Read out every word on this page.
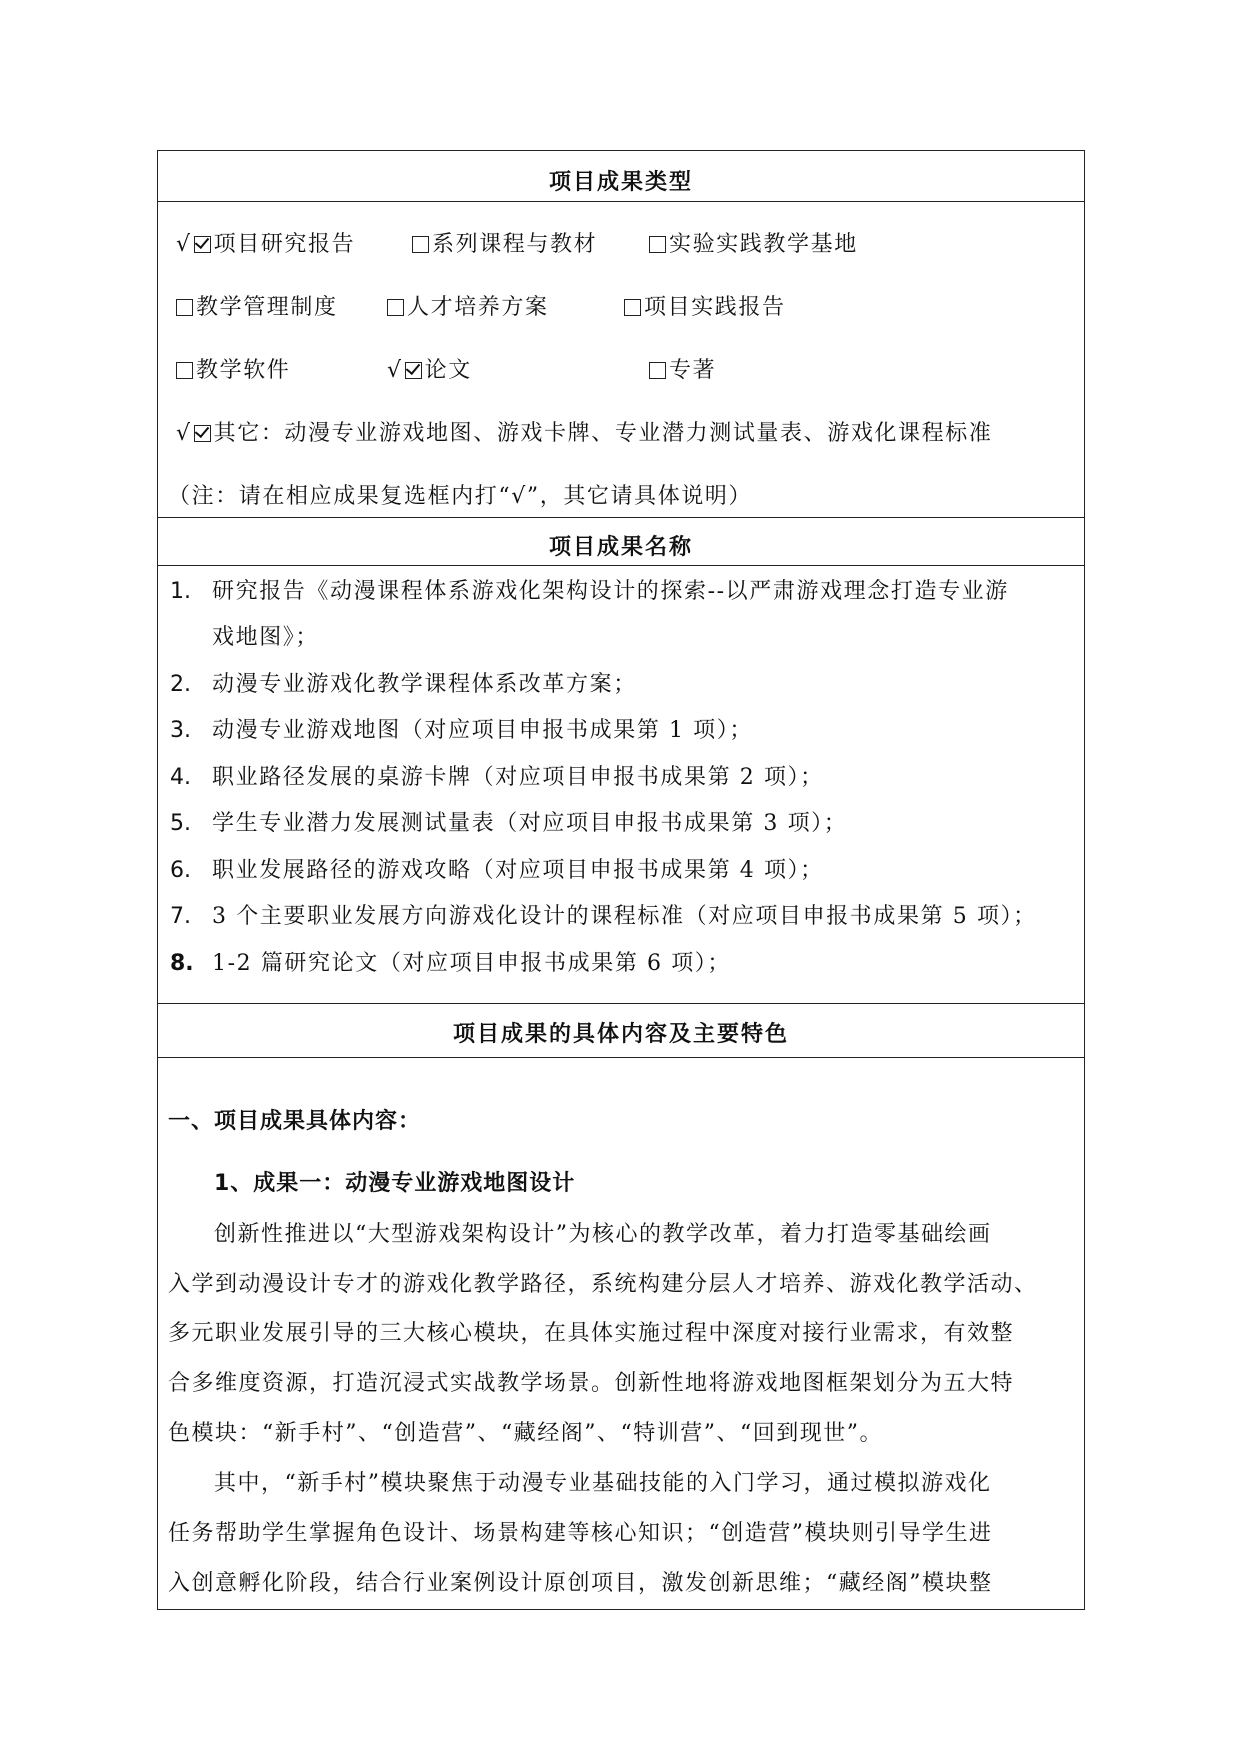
项目成果类型
√ 项目研究报告	系列课程与教材	实验实践教学基地
教学管理制度	人才培养方案	项目实践报告
教学软件	√ 论文	专著
√ 其它：动漫专业游戏地图、游戏卡牌、专业潜力测试量表、游戏化课程标准
（注：请在相应成果复选框内打“√”，其它请具体说明）
项目成果名称
1. 研究报告《动漫课程体系游戏化架构设计的探索--以严肃游戏理念打造专业游
戏地图》；
2. 动漫专业游戏化教学课程体系改革方案；
3. 动漫专业游戏地图（对应项目申报书成果第 1 项）；
4. 职业路径发展的桌游卡牌（对应项目申报书成果第 2 项）；
5. 学生专业潜力发展测试量表（对应项目申报书成果第 3 项）；
6. 职业发展路径的游戏攻略（对应项目申报书成果第 4 项）；
7. 3 个主要职业发展方向游戏化设计的课程标准（对应项目申报书成果第 5 项）；
8. 1-2 篇研究论文（对应项目申报书成果第 6 项）；
项目成果的具体内容及主要特色
一、项目成果具体内容：
1、成果一：动漫专业游戏地图设计
创新性推进以“大型游戏架构设计”为核心的教学改革，着力打造零基础绘画
入学到动漫设计专才的游戏化教学路径，系统构建分层人才培养、游戏化教学活动、
多元职业发展引导的三大核心模块，在具体实施过程中深度对接行业需求，有效整
合多维度资源，打造沉浸式实战教学场景。创新性地将游戏地图框架划分为五大特
色模块：“新手村”、“创造营”、“藏经阁”、“特训营”、“回到现世”。
其中，“新手村”模块聚焦于动漫专业基础技能的入门学习，通过模拟游戏化
任务帮助学生掌握角色设计、场景构建等核心知识；“创造营”模块则引导学生进
入创意孵化阶段，结合行业案例设计原创项目，激发创新思维；“藏经阁”模块整
